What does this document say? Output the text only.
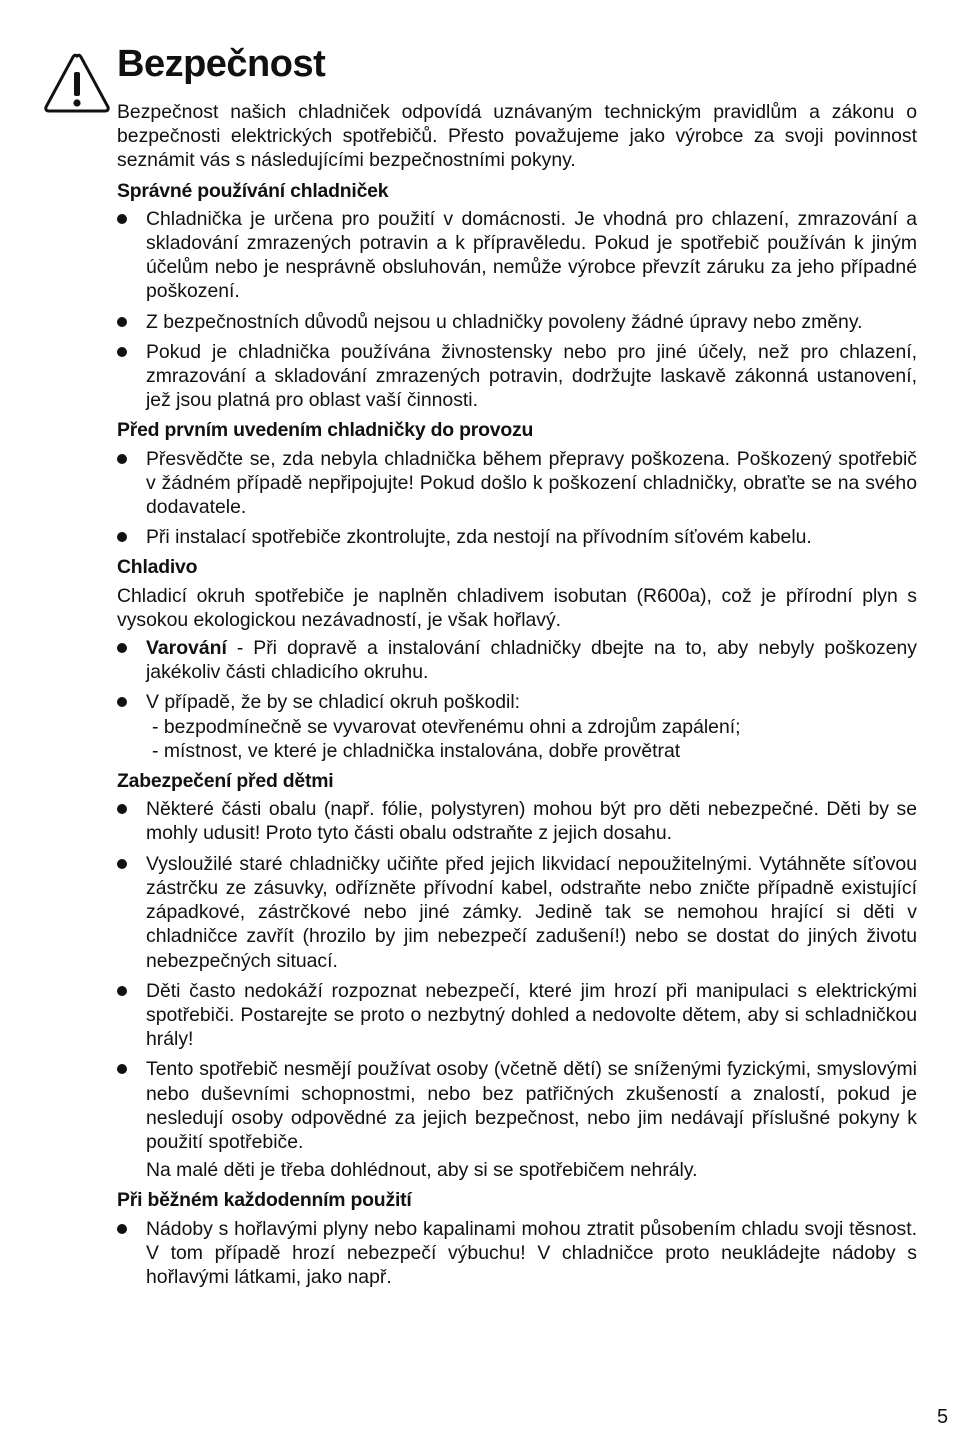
Bezpečnost

Bezpečnost našich chladniček odpovídá uznávaným technickým pravidlům a zákonu o bezpečnosti elektrických spotřebičů. Přesto považujeme jako výrobce za svoji povinnost seznámit vás s následujícími bezpečnostními pokyny.

Správné používání chladniček
Chladnička je určena pro použití v domácnosti. Je vhodná pro chlazení, zmrazování a skladování zmrazených potravin a k přípravěledu. Pokud je spotřebič používán k jiným účelům nebo je nesprávně obsluhován, nemůže výrobce převzít záruku za jeho případné poškození.
Z bezpečnostních důvodů nejsou u chladničky povoleny žádné úpravy nebo změny.
Pokud je chladnička používána živnostensky nebo pro jiné účely, než pro chlazení, zmrazování a skladování zmrazených potravin, dodržujte laskavě zákonná ustanovení, jež jsou platná pro oblast vaší činnosti.
Před prvním uvedením chladničky do provozu
Přesvědčte se, zda nebyla chladnička během přepravy poškozena. Poškozený spotřebič v žádném případě nepřipojujte! Pokud došlo k poškození chladničky, obraťte se na svého dodavatele.
Při instalací spotřebiče zkontrolujte, zda nestojí na přívodním síťovém kabelu.
Chladivo

Chladicí okruh spotřebiče je naplněn chladivem isobutan (R600a), což je přírodní plyn s vysokou ekologickou nezávadností, je však hořlavý.

Varování - Při dopravě a instalování chladničky dbejte na to, aby nebyly poškozeny jakékoliv části chladicího okruhu.
V případě, že by se chladicí okruh poškodil:
- bezpodmínečně se vyvarovat otevřenému ohni a zdrojům zapálení;
- místnost, ve které je chladnička instalována, dobře provětrat
Zabezpečení před dětmi
Některé části obalu (např. fólie, polystyren) mohou být pro děti nebezpečné. Děti by se mohly udusit! Proto tyto části obalu odstraňte z jejich dosahu.
Vysloužilé staré chladničky učiňte před jejich likvidací nepoužitelnými. Vytáhněte síťovou zástrčku ze zásuvky, odřízněte přívodní kabel, odstraňte nebo zničte případně existující západkové, zástrčkové nebo jiné zámky. Jedině tak se nemohou hrající si děti v chladničce zavřít (hrozilo by jim nebezpečí zadušení!) nebo se dostat do jiných životu nebezpečných situací.
Děti často nedokáží rozpoznat nebezpečí, které jim hrozí při manipulaci s elektrickými spotřebiči. Postarejte se proto o nezbytný dohled a nedovolte dětem, aby si schladničkou hrály!
Tento spotřebič nesmějí používat osoby (včetně dětí) se sníženými fyzickými, smyslovými nebo duševními schopnostmi, nebo bez patřičných zkušeností a znalostí, pokud je nesledují osoby odpovědné za jejich bezpečnost, nebo jim nedávají příslušné pokyny k použití spotřebiče.
Na malé děti je třeba dohlédnout, aby si se spotřebičem nehrály.
Při běžném každodenním použití
Nádoby s hořlavými plyny nebo kapalinami mohou ztratit působením chladu svoji těsnost. V tom případě hrozí nebezpečí výbuchu! V chladničce proto neukládejte nádoby s hořlavými látkami, jako např.
5
